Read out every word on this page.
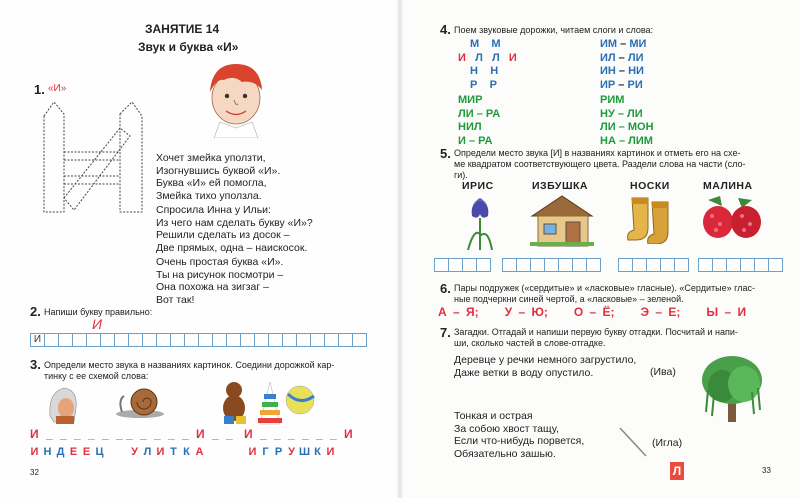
ЗАНЯТИЕ 14
Звук и буква «И»
1. «И»
Хочет змейка уползти,
Изогнувшись буквой «И».
Буква «И» ей помогла,
Змейка тихо уползла.
Спросила Инна у Ильи:
Из чего нам сделать букву «И»?
Решили сделать из досок –
Две прямых, одна – наискосок.
Очень простая буква «И».
Ты на рисунок посмотри –
Она похожа на зигзаг –
Вот так!
2. Напиши букву правильно:
И
И
3. Определи место звука в названиях картинок. Соедини дорожкой кар-
тинку с ее схемой слова:
И _ _ _ _ _ _ _ _ _ _ _ И _ _ И _ _ _ _ _ _ И
И Н Д Е Е Ц	У Л И Т К А	И Г Р У Ш К И
32
4. Поем звуковые дорожки, читаем слоги и слова:
М М
И Л Л И
Н Н
Р Р
ИМ – МИ
ИЛ – ЛИ
ИН – НИ
ИР – РИ
МИР
ЛИ – РА
НИЛ
И – РА
РИМ
НУ – ЛИ
ЛИ – МОН
НА – ЛИМ
5. Определи место звука [И] в названиях картинок и отметь его на схе-
ме квадратом соответствующего цвета. Раздели слова на части (сло-
ги).
ИРИС	ИЗБУШКА	НОСКИ	МАЛИНА
6. Пары подружек («сердитые» и «ласковые» гласные). «Сердитые» глас-
ные подчеркни синей чертой, а «ласковые» – зеленой.
А – Я; У – Ю; О – Ё; Э – Е; Ы – И
7. Загадки. Отгадай и напиши первую букву отгадки. Посчитай и напи-
ши, сколько частей в слове-отгадке.
Деревце у речки немного загрустило,
Даже ветки в воду опустило.	(Ива)
Тонкая и острая
За собою хвост тащу,
Если что-нибудь порвется,
Обязательно зашью.
(Игла)
Л	33
